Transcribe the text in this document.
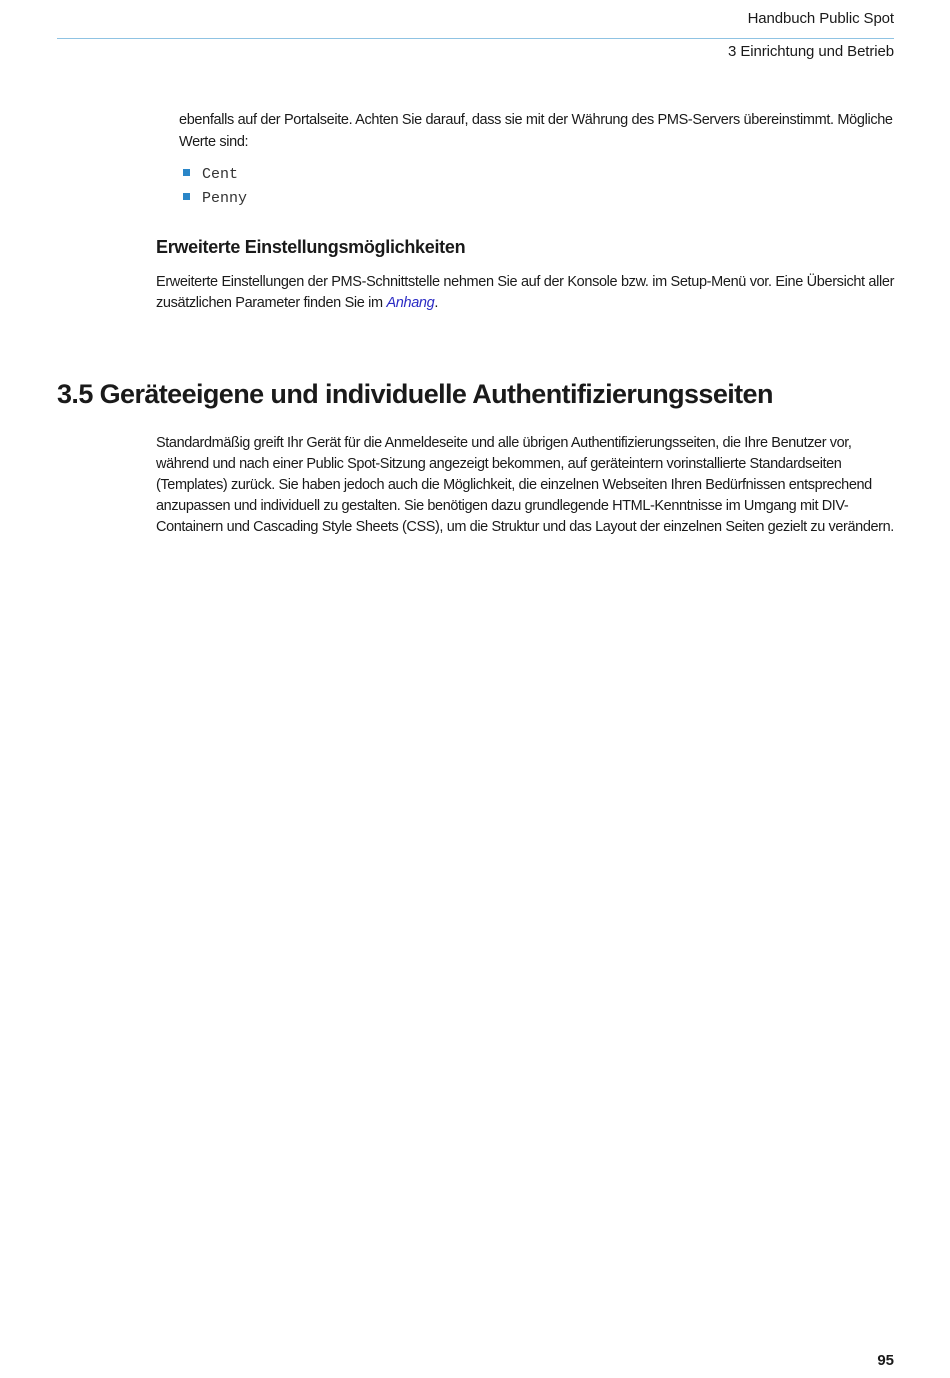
Handbuch Public Spot
3 Einrichtung und Betrieb

ebenfalls auf der Portalseite. Achten Sie darauf, dass sie mit der Währung des PMS-Servers übereinstimmt. Mögliche Werte sind:

Cent
Penny
Erweiterte Einstellungsmöglichkeiten

Erweiterte Einstellungen der PMS-Schnittstelle nehmen Sie auf der Konsole bzw. im Setup-Menü vor. Eine Übersicht aller zusätzlichen Parameter finden Sie im Anhang.

3.5 Geräteeigene und individuelle Authentifizierungsseiten

Standardmäßig greift Ihr Gerät für die Anmeldeseite und alle übrigen Authentifizierungsseiten, die Ihre Benutzer vor, während und nach einer Public Spot-Sitzung angezeigt bekommen, auf geräteintern vorinstallierte Standardseiten (Templates) zurück. Sie haben jedoch auch die Möglichkeit, die einzelnen Webseiten Ihren Bedürfnissen entsprechend anzupassen und individuell zu gestalten. Sie benötigen dazu grundlegende HTML-Kenntnisse im Umgang mit DIV-Containern und Cascading Style Sheets (CSS), um die Struktur und das Layout der einzelnen Seiten gezielt zu verändern.

95
